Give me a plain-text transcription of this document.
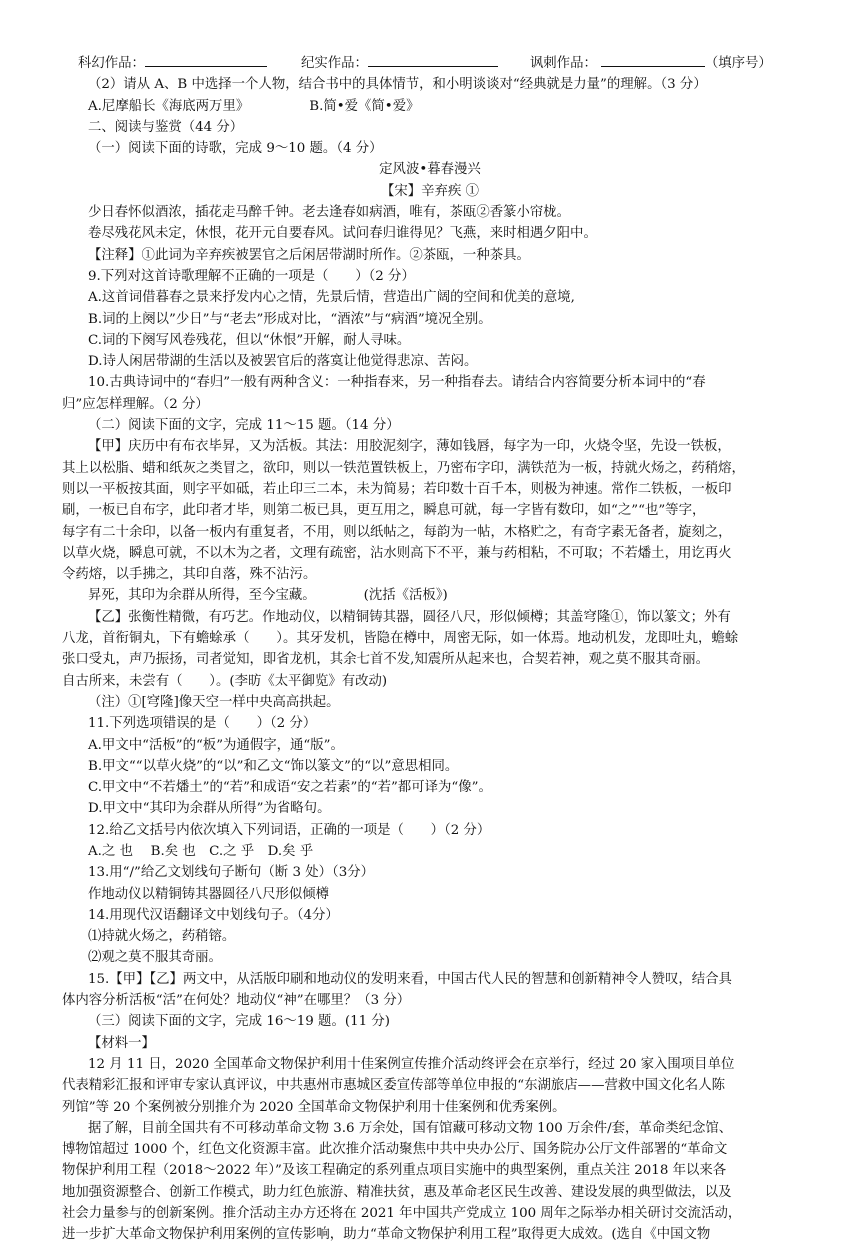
科幻作品：	纪实作品：	讽刺作品：	（填序号）
（2）请从 A、B 中选择一个人物，结合书中的具体情节，和小明谈谈对“经典就是力量”的理解。（3 分）
A.尼摩船长《海底两万里》	B.简•爱《简•爱》
二、阅读与鉴赏（44 分）
（一）阅读下面的诗歌，完成 9～10 题。（4 分）
定风波•暮春漫兴
【宋】辛弃疾 ①
少日春怀似酒浓，插花走马醉千钟。老去逢春如病酒，唯有，茶瓯②香篆小帘栊。
卷尽残花风未定，休恨，花开元自要春风。试问春归谁得见？飞燕，来时相遇夕阳中。
【注释】①此词为辛弃疾被罢官之后闲居带湖时所作。②茶瓯，一种茶具。
9.下列对这首诗歌理解不正确的一项是（　　）（2 分）
A.这首词借暮春之景来抒发内心之情，先景后情，营造出广阔的空间和优美的意境,
B.词的上阕以”少日”与“老去”形成对比，“酒浓”与“病酒”境况全别。
C.词的下阕写风卷残花，但以“休恨”开解，耐人寻味。
D.诗人闲居带湖的生活以及被罢官后的落寞让他觉得悲凉、苦闷。
10.古典诗词中的“春归”一般有两种含义：一种指春来，另一种指春去。请结合内容简要分析本词中的“春
归”应怎样理解。（2 分）
（二）阅读下面的文字，完成 11～15 题。（14 分）
【甲】庆历中有布衣毕昇，又为活板。其法：用胶泥刻字，薄如钱唇，每字为一印，火烧令坚，先设一铁板，
其上以松脂、蜡和纸灰之类冒之，欲印，则以一铁范置铁板上，乃密布字印，满铁范为一板，持就火炀之，药稍熔，
则以一平板按其面，则字平如砥，若止印三二本，未为简易；若印数十百千本，则极为神速。常作二铁板，一板印
刷，一板已自布字，此印者才毕，则第二板已具，更互用之，瞬息可就，每一字皆有数印，如“之”“也”等字，
每字有二十余印，以备一板内有重复者，不用，则以纸帖之，每韵为一帖，木格贮之，有奇字素无备者，旋刻之，
以草火烧，瞬息可就，不以木为之者，文理有疏密，沾水则高下不平，兼与药相粘，不可取；不若燔土，用讫再火
令药熔，以手拂之，其印自落，殊不沾污。
昇死，其印为余群从所得，至今宝藏。	(沈括《活板》)
【乙】张衡性精微，有巧艺。作地动仪，以精铜铸其器，圆径八尺，形似倾樽；其盖穹隆①，饰以篆文；外有
八龙，首衔铜丸，下有蟾蜍承（　　）。其牙发机，皆隐在樽中，周密无际，如一体焉。地动机发，龙即吐丸，蟾蜍
张口受丸，声乃振扬，司者觉知，即省龙机，其余七首不发,知震所从起来也，合契若神，观之莫不服其奇丽。
自古所来，未尝有（　　）。(李昉《太平御览》有改动)
（注）①[穹隆]像天空一样中央高高拱起。
11.下列选项错误的是（　　）（2 分）
A.甲文中“活板”的“板”为通假字，通“版”。
B.甲文““以草火烧”的“以”和乙文“饰以篆文”的“以”意思相同。
C.甲文中“不若燔土”的“若”和成语“安之若素”的“若”都可译为“像”。
D.甲文中“其印为余群从所得”为省略句。
12.给乙文括号内依次填入下列词语，正确的一项是（　　）（2 分）
A.之 也　 B.矣 也　C.之 乎　D.矣 乎
13.用“/”给乙文划线句子断句（断 3 处）（3分）
作地动仪以精铜铸其器圆径八尺形似倾樽
14.用现代汉语翻译文中划线句子。（4分）
⑴持就火炀之，药稍镕。
⑵观之莫不服其奇丽。
15.【甲】【乙】两文中，从活版印刷和地动仪的发明来看，中国古代人民的智慧和创新精神令人赞叹，结合具
体内容分析活板“活”在何处？地动仪“神”在哪里？（3 分）
（三）阅读下面的文字，完成 16～19 题。(11 分)
【材料一】
12 月 11 日，2020 全国革命文物保护利用十佳案例宣传推介活动终评会在京举行，经过 20 家入围项目单位
代表精彩汇报和评审专家认真评议，中共惠州市惠城区委宣传部等单位申报的“东湖旅店——营救中国文化名人陈
列馆”等 20 个案例被分别推介为 2020 全国革命文物保护利用十佳案例和优秀案例。
据了解，目前全国共有不可移动革命文物 3.6 万余处，国有馆藏可移动文物 100 万余件/套，革命类纪念馆、
博物馆超过 1000 个，红色文化资源丰富。此次推介活动聚焦中共中央办公厅、国务院办公厅文件部署的“革命文
物保护利用工程（2018～2022 年）”及该工程确定的系列重点项目实施中的典型案例，重点关注 2018 年以来各
地加强资源整合、创新工作模式，助力红色旅游、精准扶贫，惠及革命老区民生改善、建设发展的典型做法，以及
社会力量参与的创新案例。推介活动主办方还将在 2021 年中国共产党成立 100 周年之际举办相关研讨交流活动，
进一步扩大革命文物保护利用案例的宣传影响，助力“革命文物保护利用工程”取得更大成效。(选自《中国文物
